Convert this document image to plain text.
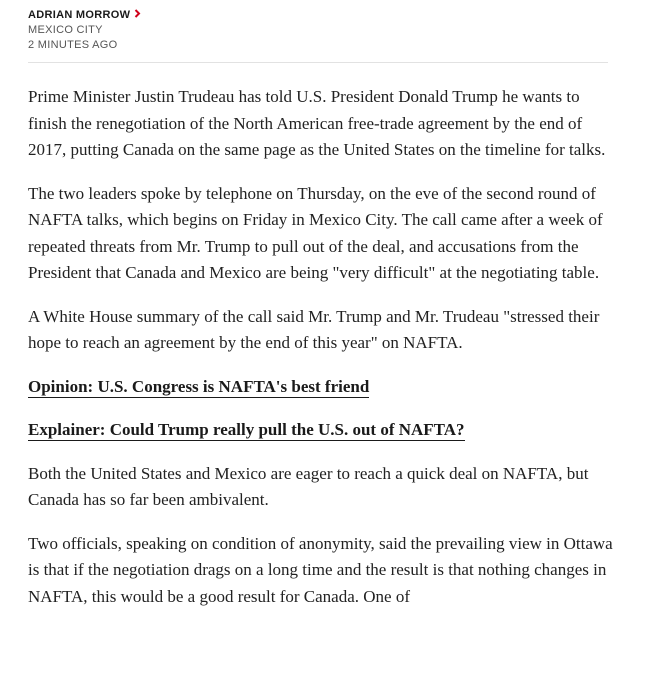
ADRIAN MORROW
MEXICO CITY
2 MINUTES AGO

Prime Minister Justin Trudeau has told U.S. President Donald Trump he wants to finish the renegotiation of the North American free-trade agreement by the end of 2017, putting Canada on the same page as the United States on the timeline for talks.

The two leaders spoke by telephone on Thursday, on the eve of the second round of NAFTA talks, which begins on Friday in Mexico City. The call came after a week of repeated threats from Mr. Trump to pull out of the deal, and accusations from the President that Canada and Mexico are being "very difficult" at the negotiating table.

A White House summary of the call said Mr. Trump and Mr. Trudeau "stressed their hope to reach an agreement by the end of this year" on NAFTA.

Opinion: U.S. Congress is NAFTA's best friend

Explainer: Could Trump really pull the U.S. out of NAFTA?

Both the United States and Mexico are eager to reach a quick deal on NAFTA, but Canada has so far been ambivalent.

Two officials, speaking on condition of anonymity, said the prevailing view in Ottawa is that if the negotiation drags on a long time and the result is that nothing changes in NAFTA, this would be a good result for Canada. One of
